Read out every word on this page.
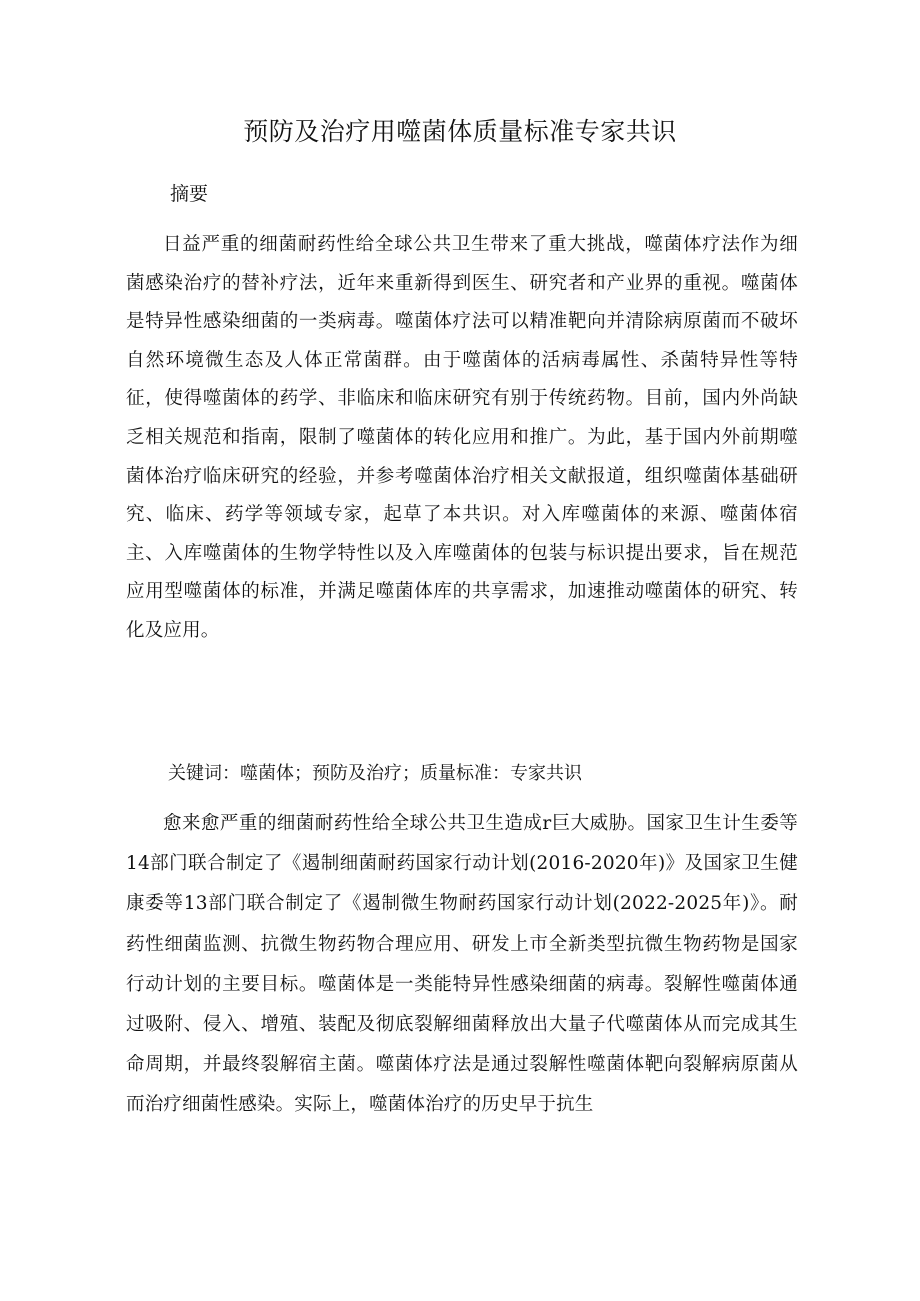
预防及治疗用噬菌体质量标准专家共识
摘要

日益严重的细菌耐药性给全球公共卫生带来了重大挑战，噬菌体疗法作为细菌感染治疗的替补疗法，近年来重新得到医生、研究者和产业界的重视。噬菌体是特异性感染细菌的一类病毒。噬菌体疗法可以精准靶向并清除病原菌而不破坏自然环境微生态及人体正常菌群。由于噬菌体的活病毒属性、杀菌特异性等特征，使得噬菌体的药学、非临床和临床研究有别于传统药物。目前，国内外尚缺乏相关规范和指南，限制了噬菌体的转化应用和推广。为此，基于国内外前期噬菌体治疗临床研究的经验，并参考噬菌体治疗相关文献报道，组织噬菌体基础研究、临床、药学等领域专家，起草了本共识。对入库噬菌体的来源、噬菌体宿主、入库噬菌体的生物学特性以及入库噬菌体的包装与标识提出要求，旨在规范应用型噬菌体的标准，并满足噬菌体库的共享需求，加速推动噬菌体的研究、转化及应用。

关键词：噬菌体；预防及治疗；质量标准：专家共识

愈来愈严重的细菌耐药性给全球公共卫生造成r巨大威胁。国家卫生计生委等14部门联合制定了《遏制细菌耐药国家行动计划(2016-2020年)》及国家卫生健康委等13部门联合制定了《遏制微生物耐药国家行动计划(2022-2025年)》。耐药性细菌监测、抗微生物药物合理应用、研发上市全新类型抗微生物药物是国家行动计划的主要目标。噬菌体是一类能特异性感染细菌的病毒。裂解性噬菌体通过吸附、侵入、增殖、装配及彻底裂解细菌释放出大量子代噬菌体从而完成其生命周期，并最终裂解宿主菌。噬菌体疗法是通过裂解性噬菌体靶向裂解病原菌从而治疗细菌性感染。实际上，噬菌体治疗的历史早于抗生
